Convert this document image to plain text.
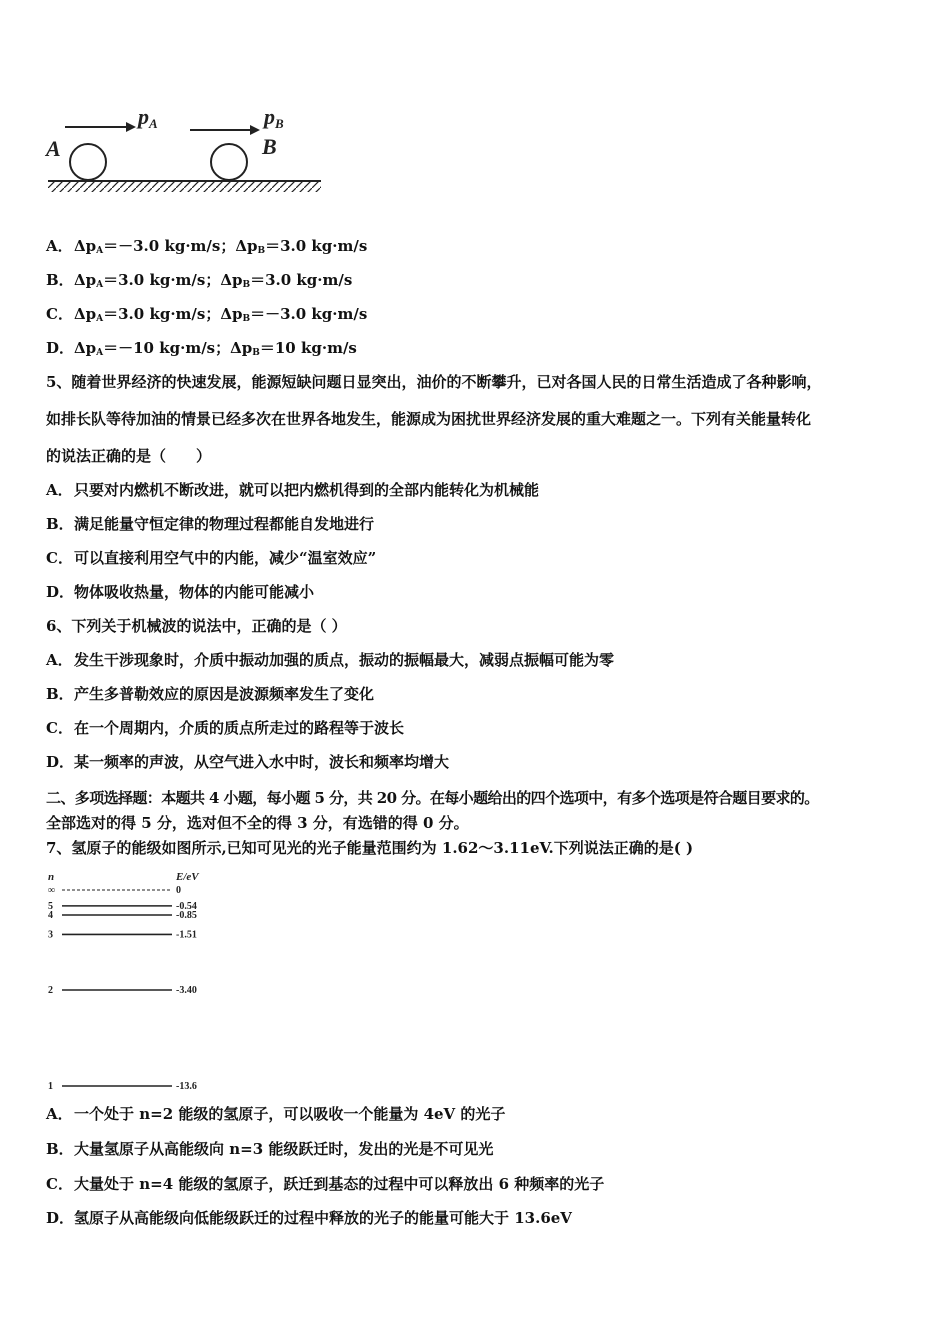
pA	pB
A	B
A．$\Delta p_A=-3.0$ kg·m/s；$\Delta p_B=3.0$ kg·m/s
B．$\Delta p_A=3.0$ kg·m/s；$\Delta p_B=3.0$ kg·m/s
C．$\Delta p_A=3.0$ kg·m/s；$\Delta p_B=-3.0$ kg·m/s
D．$\Delta p_A=-10$ kg·m/s；$\Delta p_B=10$ kg·m/s
5、随着世界经济的快速发展，能源短缺问题日显突出，油价的不断攀升，已对各国人民的日常生活造成了各种影响，
如排长队等待加油的情景已经多次在世界各地发生，能源成为困扰世界经济发展的重大难题之一。下列有关能量转化
的说法正确的是（　　）
A．只要对内燃机不断改进，就可以把内燃机得到的全部内能转化为机械能
B．满足能量守恒定律的物理过程都能自发地进行
C．可以直接利用空气中的内能，减少“温室效应”
D．物体吸收热量，物体的内能可能减小
6、下列关于机械波的说法中，正确的是（ ）
A．发生干涉现象时，介质中振动加强的质点，振动的振幅最大，减弱点振幅可能为零
B．产生多普勒效应的原因是波源频率发生了变化
C．在一个周期内，介质的质点所走过的路程等于波长
D．某一频率的声波，从空气进入水中时，波长和频率均增大
二、多项选择题：本题共 4 小题，每小题 5 分，共 20 分。在每小题给出的四个选项中，有多个选项是符合题目要求的。
全部选对的得 5 分，选对但不全的得 3 分，有选错的得 0 分。
7、氢原子的能级如图所示,已知可见光的光子能量范围约为 1.62～3.11eV.下列说法正确的是( )
n	E/eV
∞	0
5	-0.54
4	-0.85
3	-1.51
2	-3.40
1	-13.6
A．一个处于 n=2 能级的氢原子，可以吸收一个能量为 4eV 的光子
B．大量氢原子从高能级向 n=3 能级跃迁时，发出的光是不可见光
C．大量处于 n=4 能级的氢原子，跃迁到基态的过程中可以释放出 6 种频率的光子
D．氢原子从高能级向低能级跃迁的过程中释放的光子的能量可能大于 13.6eV
